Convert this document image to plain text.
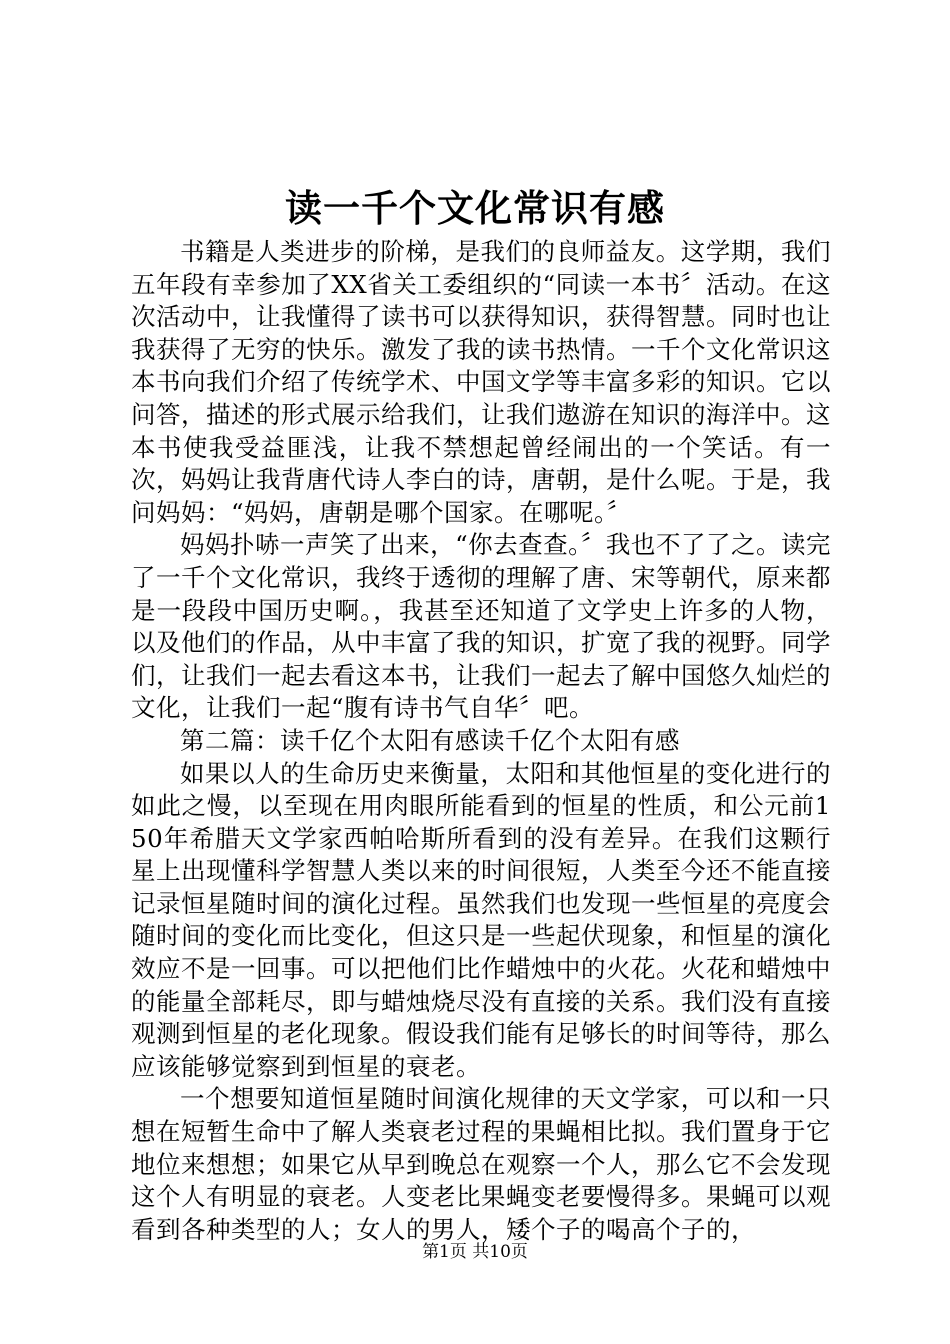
读一千个文化常识有感

书籍是人类进步的阶梯，是我们的良师益友。这学期，我们五年段有幸参加了XX省关工委组织的“同读一本书〞活动。在这次活动中，让我懂得了读书可以获得知识，获得智慧。同时也让我获得了无穷的快乐。激发了我的读书热情。一千个文化常识这本书向我们介绍了传统学术、中国文学等丰富多彩的知识。它以问答，描述的形式展示给我们，让我们遨游在知识的海洋中。这本书使我受益匪浅，让我不禁想起曾经闹出的一个笑话。有一次，妈妈让我背唐代诗人李白的诗，唐朝，是什么呢。于是，我问妈妈：“妈妈，唐朝是哪个国家。在哪呢。〞

妈妈扑哧一声笑了出来，“你去查查。〞我也不了了之。读完了一千个文化常识，我终于透彻的理解了唐、宋等朝代，原来都是一段段中国历史啊。，我甚至还知道了文学史上许多的人物，以及他们的作品，从中丰富了我的知识，扩宽了我的视野。同学们，让我们一起去看这本书，让我们一起去了解中国悠久灿烂的文化，让我们一起“腹有诗书气自华〞吧。

第二篇：读千亿个太阳有感读千亿个太阳有感

如果以人的生命历史来衡量，太阳和其他恒星的变化进行的如此之慢，以至现在用肉眼所能看到的恒星的性质，和公元前150年希腊天文学家西帕哈斯所看到的没有差异。在我们这颗行星上出现懂科学智慧人类以来的时间很短，人类至今还不能直接记录恒星随时间的演化过程。虽然我们也发现一些恒星的亮度会随时间的变化而比变化，但这只是一些起伏现象，和恒星的演化效应不是一回事。可以把他们比作蜡烛中的火花。火花和蜡烛中的能量全部耗尽，即与蜡烛烧尽没有直接的关系。我们没有直接观测到恒星的老化现象。假设我们能有足够长的时间等待，那么应该能够觉察到到恒星的衰老。

一个想要知道恒星随时间演化规律的天文学家，可以和一只想在短暂生命中了解人类衰老过程的果蝇相比拟。我们置身于它地位来想想；如果它从早到晚总在观察一个人，那么它不会发现这个人有明显的衰老。人变老比果蝇变老要慢得多。果蝇可以观看到各种类型的人；女人的男人，矮个子的喝高个子的，

第1页 共10页
